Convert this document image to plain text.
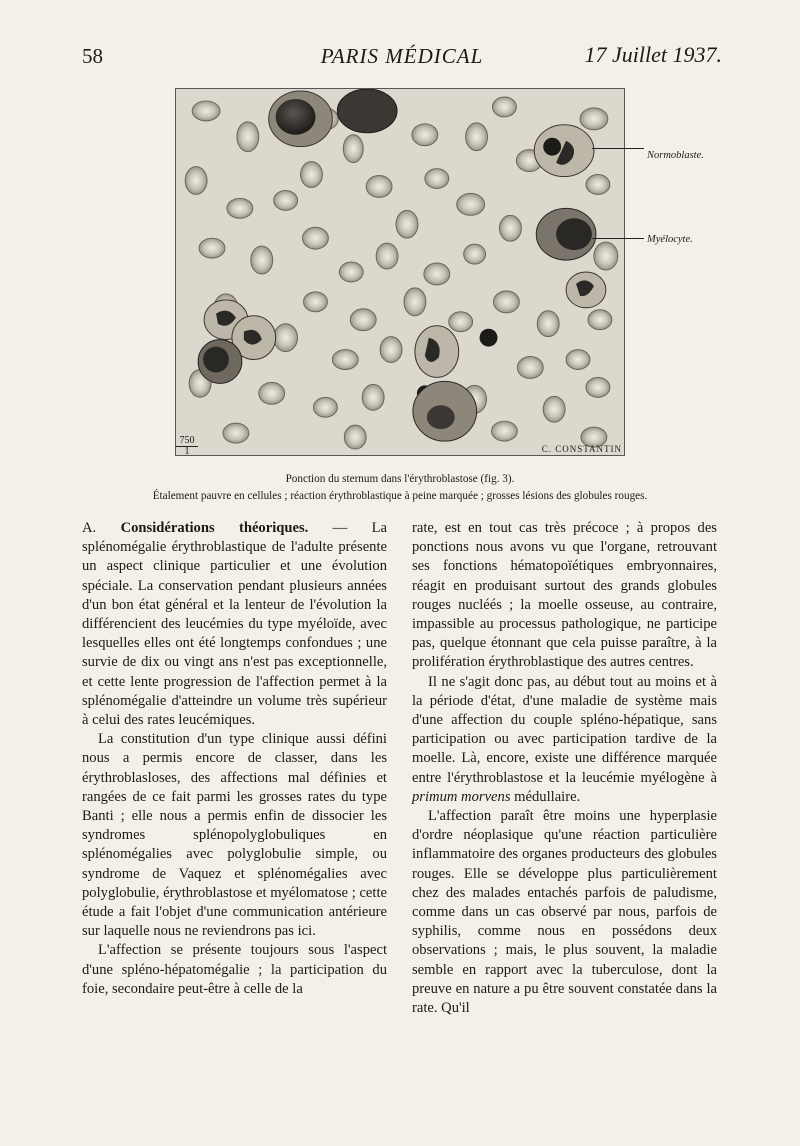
58	PARIS MÉDICAL	17 Juillet 1937.
Normoblaste.
Myélocyte.
$\frac{750}{1}$	C. CONSTANTIN
Ponction du sternum dans l'érythroblastose (fig. 3).
Étalement pauvre en cellules ; réaction érythroblastique à peine marquée ; grosses lésions des globules rouges.

A. Considérations théoriques. — La splénomégalie érythroblastique de l'adulte présente un aspect clinique particulier et une évolution spéciale. La conservation pendant plusieurs années d'un bon état général et la lenteur de l'évolution la différencient des leucémies du type myéloïde, avec lesquelles elles ont été longtemps confondues ; une survie de dix ou vingt ans n'est pas exceptionnelle, et cette lente progression de l'affection permet à la splénomégalie d'atteindre un volume très supérieur à celui des rates leucémiques.

La constitution d'un type clinique aussi défini nous a permis encore de classer, dans les érythroblasloses, des affections mal définies et rangées de ce fait parmi les grosses rates du type Banti ; elle nous a permis enfin de dissocier les syndromes splénopolyglobuliques en splénomégalies avec polyglobulie simple, ou syndrome de Vaquez et splénomégalies avec polyglobulie, érythroblastose et myélomatose ; cette étude a fait l'objet d'une communication antérieure sur laquelle nous ne reviendrons pas ici.

L'affection se présente toujours sous l'aspect d'une spléno-hépatomégalie ; la participation du foie, secondaire peut-être à celle de la

rate, est en tout cas très précoce ; à propos des ponctions nous avons vu que l'organe, retrouvant ses fonctions hématopoïétiques embryonnaires, réagit en produisant surtout des grands globules rouges nucléés ; la moelle osseuse, au contraire, impassible au processus pathologique, ne participe pas, quelque étonnant que cela puisse paraître, à la prolifération érythroblastique des autres centres.

Il ne s'agit donc pas, au début tout au moins et à la période d'état, d'une maladie de système mais d'une affection du couple spléno-hépatique, sans participation ou avec participation tardive de la moelle. Là, encore, existe une différence marquée entre l'érythroblastose et la leucémie myélogène à primum morvens médullaire.

L'affection paraît être moins une hyperplasie d'ordre néoplasique qu'une réaction particulière inflammatoire des organes producteurs des globules rouges. Elle se développe plus particulièrement chez des malades entachés parfois de paludisme, comme dans un cas observé par nous, parfois de syphilis, comme nous en possédons deux observations ; mais, le plus souvent, la maladie semble en rapport avec la tuberculose, dont la preuve en nature a pu être souvent constatée dans la rate. Qu'il
